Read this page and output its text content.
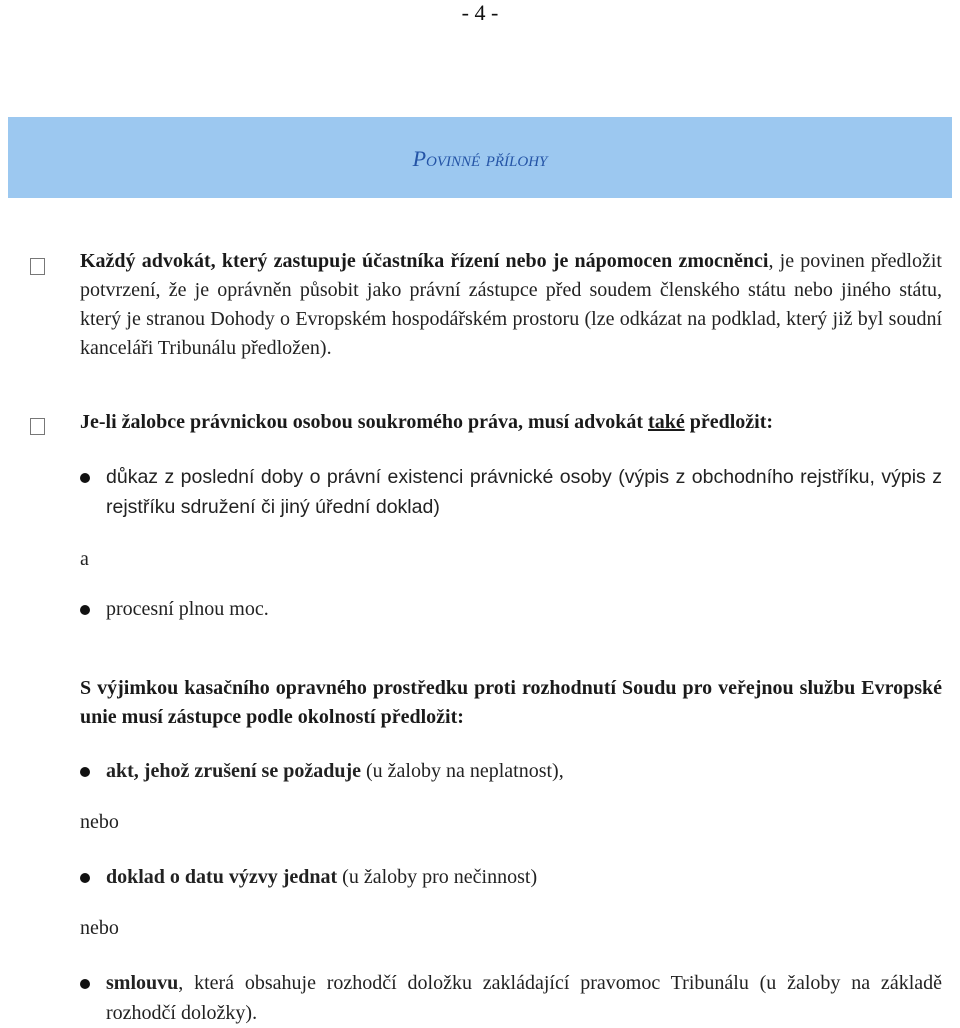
- 4 -
Povinné přílohy
Každý advokát, který zastupuje účastníka řízení nebo je nápomocen zmocněnci, je povinen předložit potvrzení, že je oprávněn působit jako právní zástupce před soudem členského státu nebo jiného státu, který je stranou Dohody o Evropském hospodářském prostoru (lze odkázat na podklad, který již byl soudní kanceláři Tribunálu předložen).
Je-li žalobce právnickou osobou soukromého práva, musí advokát také předložit:
důkaz z poslední doby o právní existenci právnické osoby (výpis z obchodního rejstříku, výpis z rejstříku sdružení či jiný úřední doklad)
a
procesní plnou moc.
S výjimkou kasačního opravného prostředku proti rozhodnutí Soudu pro veřejnou službu Evropské unie musí zástupce podle okolností předložit:
akt, jehož zrušení se požaduje (u žaloby na neplatnost),
nebo
doklad o datu výzvy jednat (u žaloby pro nečinnost)
nebo
smlouvu, která obsahuje rozhodčí doložku zakládající pravomoc Tribunálu (u žaloby na základě rozhodčí doložky).
